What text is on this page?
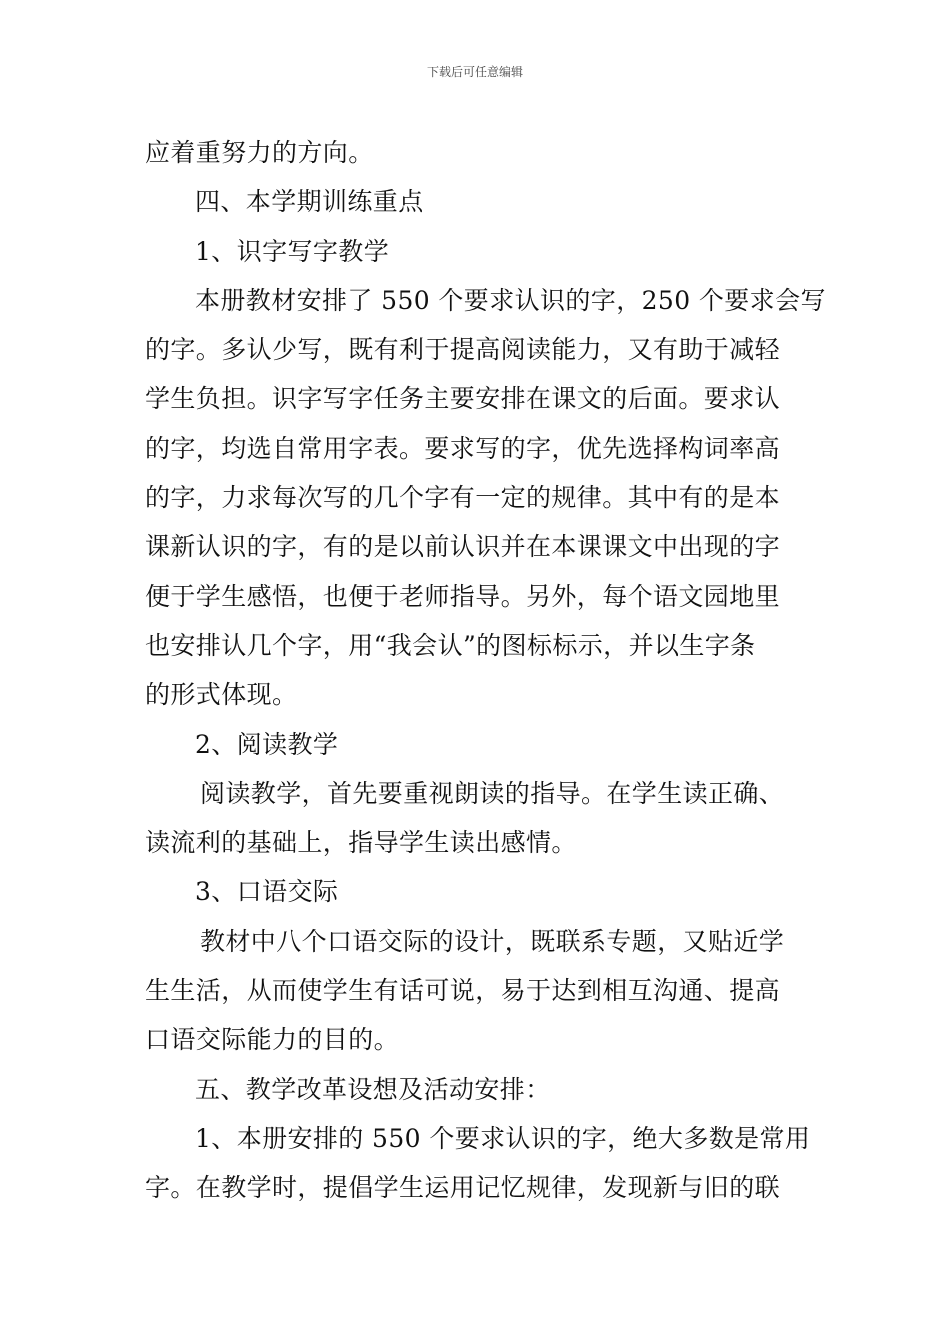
下载后可任意编辑
应着重努力的方向。
四、本学期训练重点
1、识字写字教学
本册教材安排了 550 个要求认识的字，250 个要求会写
的字。多认少写，既有利于提高阅读能力，又有助于减轻
学生负担。识字写字任务主要安排在课文的后面。要求认
的字，均选自常用字表。要求写的字，优先选择构词率高
的字，力求每次写的几个字有一定的规律。其中有的是本
课新认识的字，有的是以前认识并在本课课文中出现的字
便于学生感悟，也便于老师指导。另外，每个语文园地里
也安排认几个字，用“我会认”的图标标示，并以生字条
的形式体现。
2、阅读教学
阅读教学，首先要重视朗读的指导。在学生读正确、
读流利的基础上，指导学生读出感情。
3、口语交际
教材中八个口语交际的设计，既联系专题，又贴近学
生生活，从而使学生有话可说，易于达到相互沟通、提高
口语交际能力的目的。
五、教学改革设想及活动安排：
1、本册安排的 550 个要求认识的字，绝大多数是常用
字。在教学时，提倡学生运用记忆规律，发现新与旧的联
